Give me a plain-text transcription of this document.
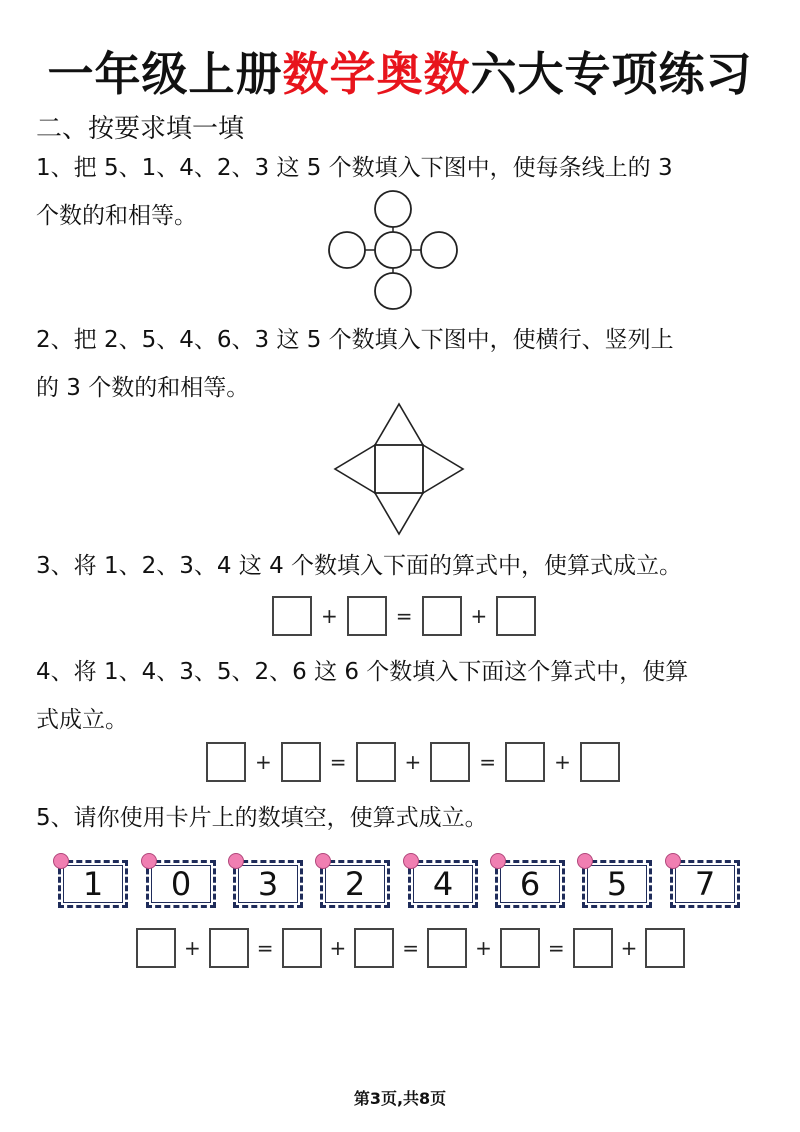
一年级上册数学奥数六大专项练习
二、按要求填一填
1、把 5、1、4、2、3 这 5 个数填入下图中，使每条线上的 3
个数的和相等。
2、把 2、5、4、6、3 这 5 个数填入下图中，使横行、竖列上
的 3 个数的和相等。
3、将 1、2、3、4 这 4 个数填入下面的算式中，使算式成立。
+	=	+
4、将 1、4、3、5、2、6 这 6 个数填入下面这个算式中，使算
式成立。
+	=	+	=	+
5、请你使用卡片上的数填空，使算式成立。
1 0 3 2 4 6 5 7
+	=	+	=	+	=	+
第3页,共8页
